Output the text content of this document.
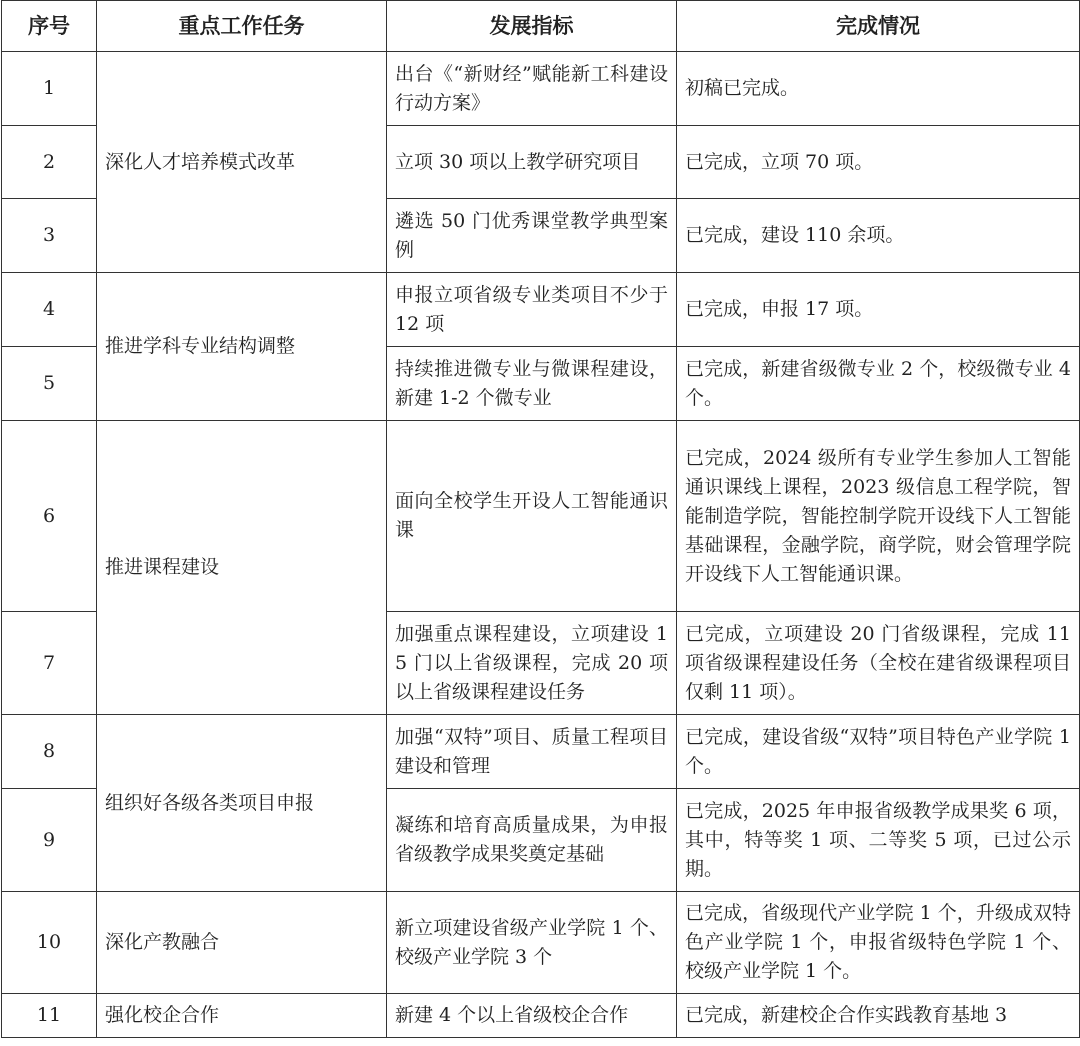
序号	重点工作任务	发展指标	完成情况
1	深化人才培养模式改革	出台《“新财经”赋能新工科建设行动方案》	初稿已完成。
2		立项 30 项以上教学研究项目	已完成，立项 70 项。
3		遴选 50 门优秀课堂教学典型案例	已完成，建设 110 余项。
4	推进学科专业结构调整	申报立项省级专业类项目不少于 12 项	已完成，申报 17 项。
5		持续推进微专业与微课程建设，新建 1-2 个微专业	已完成，新建省级微专业 2 个，校级微专业 4 个。
6	推进课程建设	面向全校学生开设人工智能通识课	已完成，2024 级所有专业学生参加人工智能通识课线上课程，2023 级信息工程学院，智能制造学院，智能控制学院开设线下人工智能基础课程，金融学院，商学院，财会管理学院开设线下人工智能通识课。
7		加强重点课程建设，立项建设 15 门以上省级课程，完成 20 项以上省级课程建设任务	已完成，立项建设 20 门省级课程，完成 11 项省级课程建设任务（全校在建省级课程项目仅剩 11 项）。
8	组织好各级各类项目申报	加强“双特”项目、质量工程项目建设和管理	已完成，建设省级“双特”项目特色产业学院 1 个。
9		凝练和培育高质量成果，为申报省级教学成果奖奠定基础	已完成，2025 年申报省级教学成果奖 6 项，其中，特等奖 1 项、二等奖 5 项，已过公示期。
10	深化产教融合	新立项建设省级产业学院 1 个、校级产业学院 3 个	已完成，省级现代产业学院 1 个，升级成双特色产业学院 1 个，申报省级特色学院 1 个、校级产业学院 1 个。
11	强化校企合作	新建 4 个以上省级校企合作	已完成，新建校企合作实践教育基地 3
